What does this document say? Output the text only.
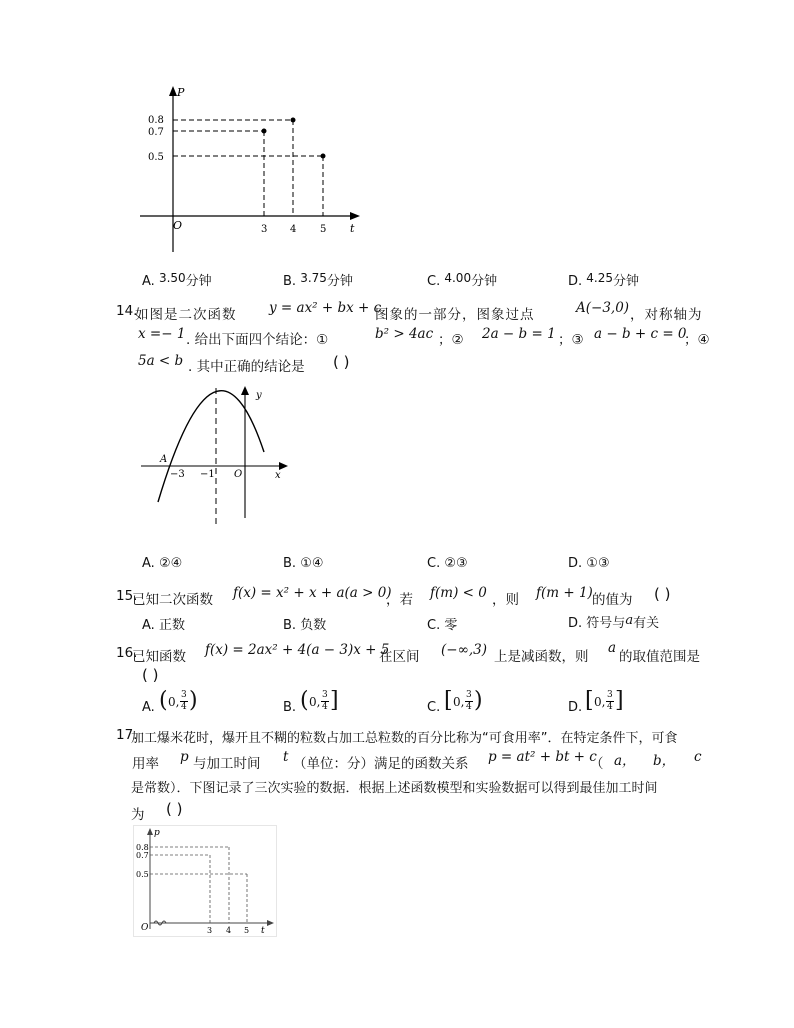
P
t
O
0.8
0.7
0.5
3 4 5
A. 3.50分钟	B. 3.75分钟	C. 4.00分钟	D. 4.25分钟
14.
如图是二次函数 y = ax² + bx + c
图象的一部分，图象过点	A(−3,0) ，对称轴为
x =− 1 . 给出下面四个结论：①	b² > 4ac ；② 2a − b = 1 ；③ a − b + c = 0
；④
5a < b . 其中正确的结论是 ( )
y
x
A
−3 −1 O
A. ②④	B. ①④	C. ②③	D. ①③
15.
已知二次函数 f(x) = x² + x + a(a > 0)
，若 f(m) < 0 ，则 f(m + 1) 的值为 ( )
A. 正数	B. 负数	C. 零	D. 符号与a有关
16.
已知函数 f(x) = 2ax² + 4(a − 3)x + 5
在区间 (−∞,3) 上是减函数，则
a
的取值范围是
( )
A. ( 0, 3
4 )	B. ( 0, 3
4 ]	C. [ 0, 3
4 )	D. [ 0, 3
4 ]
17.
加工爆米花时，爆开且不糊的粒数占加工总粒数的百分比称为“可食用率”．在特定条件下，可食
用率 p 与加工时间 t （单位：分）满足的函数关系 p = at² + bt + c
（ a， b， c
是常数）．下图记录了三次实验的数据．根据上述函数模型和实验数据可以得到最佳加工时间
为 ( )
p
t
O
0.8
0.7
0.5
3 4 5
